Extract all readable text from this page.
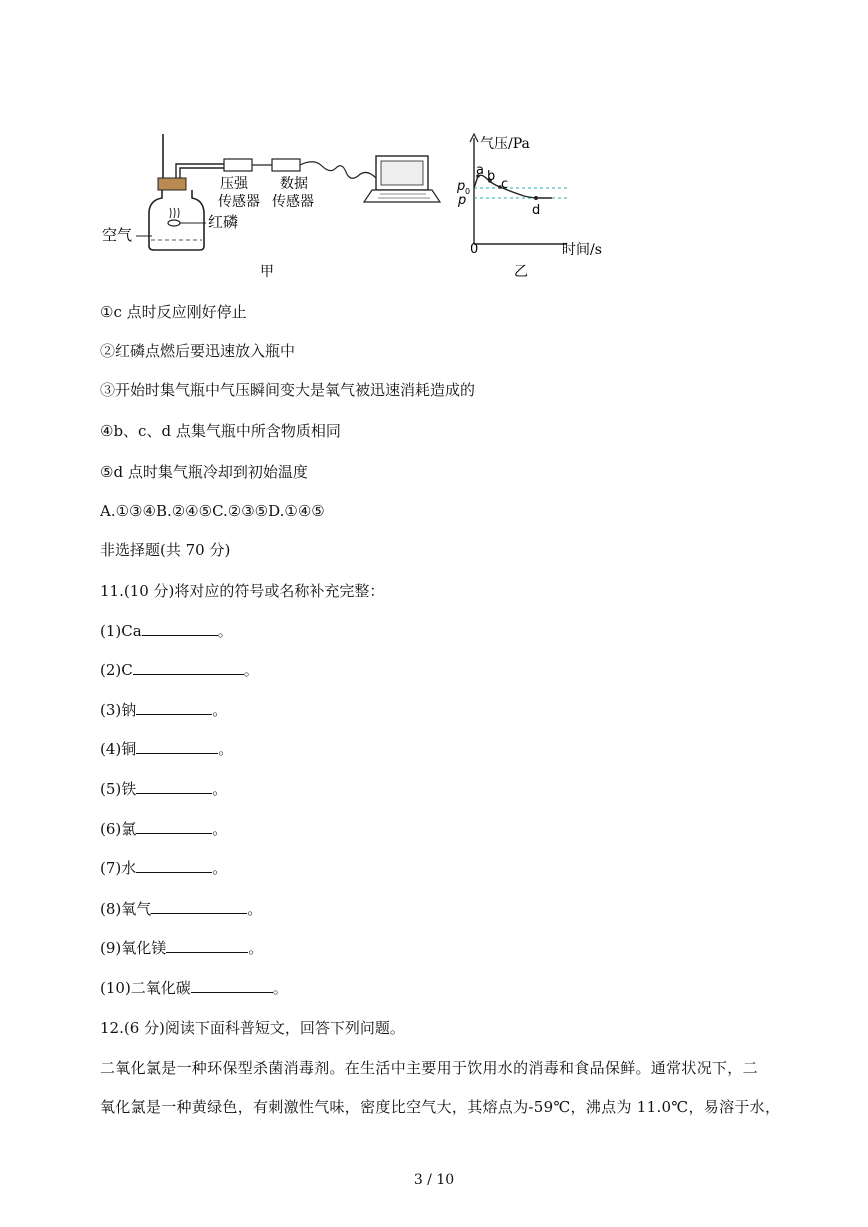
空气
红磷
压强
传感器
数据
传感器
甲
a b
c
d
p 0
p
0
气压/Pa
时间/s
乙
①c 点时反应刚好停止
②红磷点燃后要迅速放入瓶中
③开始时集气瓶中气压瞬间变大是氧气被迅速消耗造成的
④b、c、d 点集气瓶中所含物质相同
⑤d 点时集气瓶冷却到初始温度
A.①③④B.②④⑤C.②③⑤D.①④⑤
非选择题(共 70 分)
11.(10 分)将对应的符号或名称补充完整：
(1)Ca	。
(2)C	。
(3)钠	。
(4)铜	。
(5)铁	。
(6)氯	。
(7)水	。
(8)氧气	。
(9)氧化镁	。
(10)二氧化碳	。
12.(6 分)阅读下面科普短文，回答下列问题。
二氧化氯是一种环保型杀菌消毒剂。在生活中主要用于饮用水的消毒和食品保鲜。通常状况下，二
氧化氯是一种黄绿色，有刺激性气味，密度比空气大，其熔点为-59℃，沸点为 11.0℃，易溶于水，
3 / 10
